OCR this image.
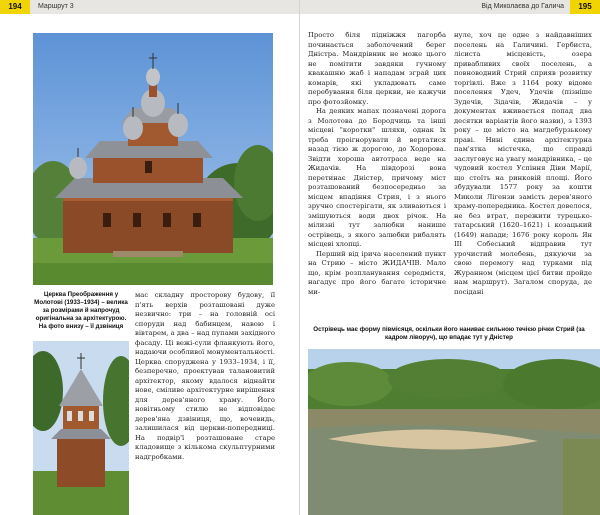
194	Маршрут 3
Церква Преображення у Молотові (1933–1934) – велика за розмірами й напрочуд оригінальна за архітектурою. На фото внизу – її дзвіниця

мас складну просторову будову, її п'ять верхів розташовані дуже незвично: три – на головній осі споруди над бабинцем, навою і вівтарем, а два – над пупами західного фасаду. Ці вежі-сули фланкують його, надаючи особливої монументальності. Церква споруджена у 1933–1934, і її, безперечно, проектував талановитий архітектор, якому вдалося віднайти нове, сміливе архітектурне вирішення для дерев'яного храму. Його новітньому стилю не відповідає дерев'яна дзвіниця, що, вочевидь, залишилася від церкви-попередниці. На подвір'ї розташоване старе кладовище з кількома скульптурними надгробками.

Від Миколаєва до Галича	195

Просто біля підніжжя пагорба починається заболочений берег Дністра. Мандрівник не може цього не помітити завдяки гучному квакашню жаб і нападам зграй цих комарів, які укладювать саме перебування біля церкви, не кажучи про фотозйомку.

На деяких мапах позначені дорога з Молотова до Бородчиць та інші місцеві "коротки" шляхи, однак їх треба проігнорувати й вертатися назад тією ж дорогою, до Ходорова. Звідти хорошa автотраса веде на Жидачів. На півдорозі вона перетинає Дністер, причому міст розташований безпосередньо за місцем впадіння Стрия, і з нього зручно спостерігати, як зливаються і змішуються води двох річок. На мілизні тут залюбки нанише острівець, з якого залюбки рибалять місцеві хлопці.

Перший від ірича населений пункт на Стрию – місто ЖИДАЧІВ. Мало що, крім розпланування середмістя, нагадує про його багате історичне ми-

нуле, хоч це одне з найдавніших поселень на Галичині. Гербиста, лісиста місцевість, озера привабливих своїх поселень, а повноводний Стрий сприяв розвитку торгівлі. Вже з 1164 року відоме поселення Удеч, Удечів (пізніше Зудечів, Зідачів, Жидачів – у документах вживається попад два десятки варіантів його назви), з 1393 року – це місто на магдебурзькому праві. Нині єдина архітектурна пам'ятка містечка, що справді заслуговує на увагу мандрівника, – це чудовий костел Успіння Діви Марії, що стоїть на ринковій площі. Його збудували 1577 року за кошти Миколи Лігензи замість дерев'яного храму-попередника. Костел довелося, не без втрат, пережити турецько-татарський (1620–1621) і козацький (1649) напади; 1676 року король Ян III Собеський відправив тут урочистий молебень, дякуючи за свою перемогу над турками під Журанном (місцем цієї битви пройде нам маршрут). Загалом споруда, де посідані

Острівець має форму півмісяця, оскільки його наниває сильною течією річки Стрий (за кадром ліворуч), що впадає тут у Дністер
